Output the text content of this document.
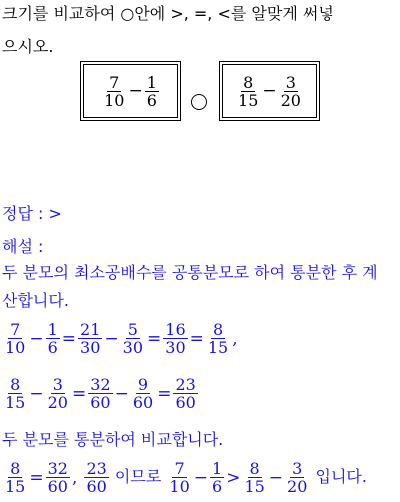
크기를 비교하여 ○안에 >, =, <를 알맞게 써넣
으시오.
$\frac{7}{10} - \frac{1}{6}$	$\frac{8}{15} - \frac{3}{20}$
정답 : >
해설 :
두 분모의 최소공배수를 공통분모로 하여 통분한 후 계
산합니다.
$\frac{7}{10} - \frac{1}{6} = \frac{21}{30} - \frac{5}{30} = \frac{16}{30} = \frac{8}{15}$ ,
$\frac{8}{15} - \frac{3}{20} = \frac{32}{60} - \frac{9}{60} = \frac{23}{60}$
두 분모를 통분하여 비교합니다.
$\frac{8}{15} = \frac{32}{60}$ , $\frac{23}{60}$ 이므로 $\frac{7}{10} - \frac{1}{6} > \frac{8}{15} - \frac{3}{20}$ 입니다.
